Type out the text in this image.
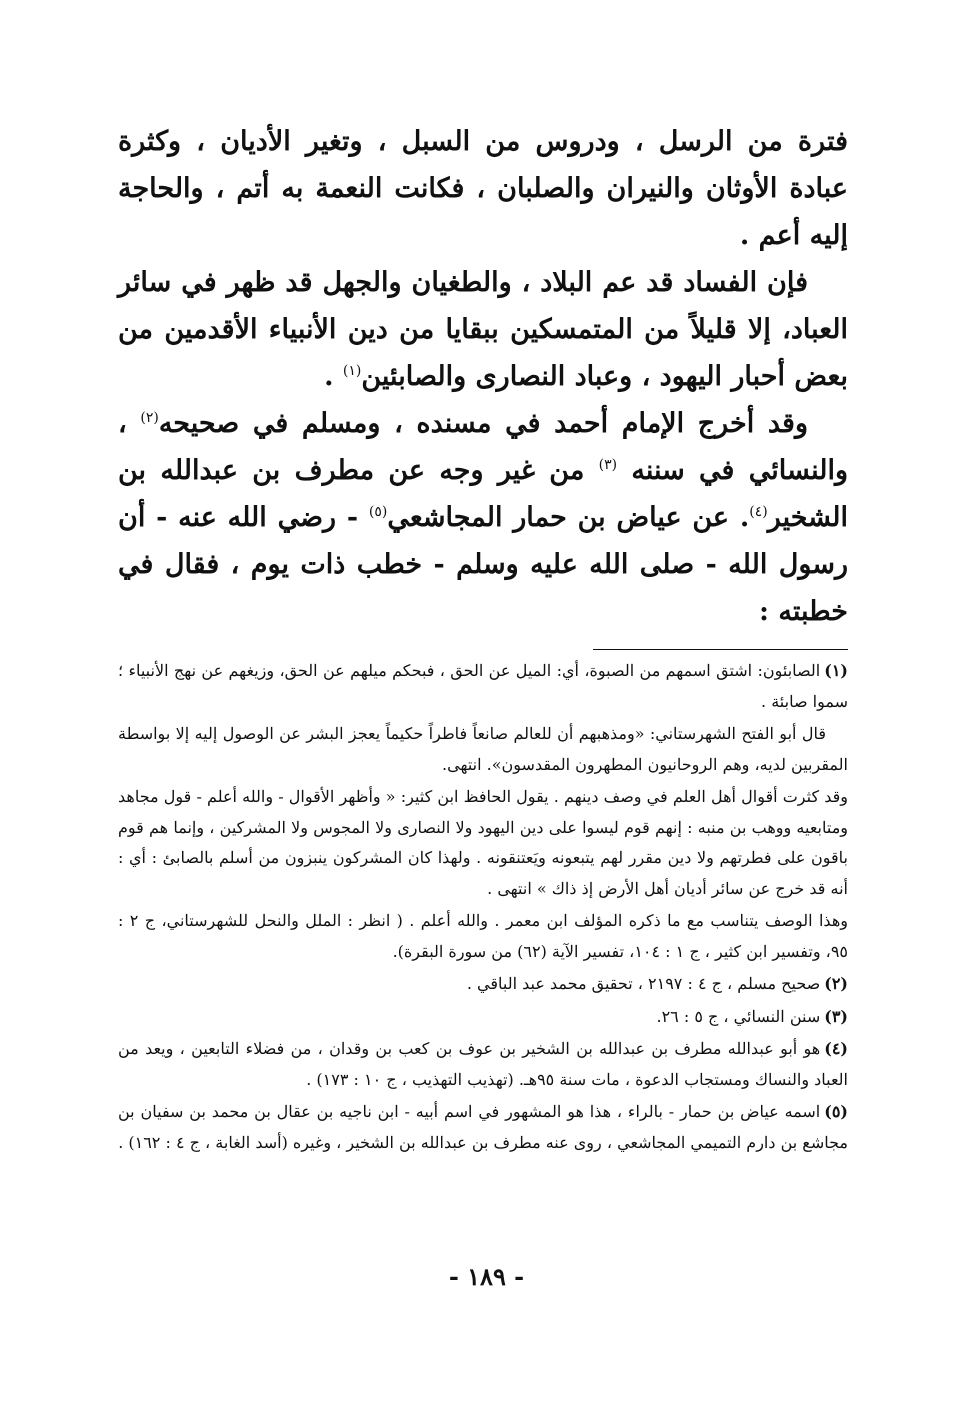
فترة من الرسل ، ودروس من السبل ، وتغير الأديان ، وكثرة عبادة الأوثان والنيران والصلبان ، فكانت النعمة به أتم ، والحاجة إليه أعم .

فإن الفساد قد عم البلاد ، والطغيان والجهل قد ظهر في سائر العباد، إلا قليلاً من المتمسكين ببقايا من دين الأنبياء الأقدمين من بعض أحبار اليهود ، وعباد النصارى والصابئين$^{(١)}$ .

وقد أخرج الإمام أحمد في مسنده ، ومسلم في صحيحه$^{(٢)}$ ، والنسائي في سننه $^{(٣)}$ من غير وجه عن مطرف بن عبدالله بن الشخير$^{(٤)}$. عن عياض بن حمار المجاشعي$^{(٥)}$ - رضي الله عنه - أن رسول الله - صلى الله عليه وسلم - خطب ذات يوم ، فقال في خطبته :

(١)الصابئون: اشتق اسمهم من الصبوة، أي: الميل عن الحق ، فبحكم ميلهم عن الحق، وزيغهم عن نهج الأنبياء ؛ سموا صابئة .

قال أبو الفتح الشهرستاني: «ومذهبهم أن للعالم صانعاً فاطراً حكيماً يعجز البشر عن الوصول إليه إلا بواسطة المقربين لديه، وهم الروحانيون المطهرون المقدسون». انتهى.

وقد كثرت أقوال أهل العلم في وصف دينهم . يقول الحافظ ابن كثير: « وأظهر الأقوال - والله أعلم - قول مجاهد ومتابعيه ووهب بن منبه : إنهم قوم ليسوا على دين اليهود ولا النصارى ولا المجوس ولا المشركين ، وإنما هم قوم باقون على فطرتهم ولا دين مقرر لهم يتبعونه ويَعتنقونه . ولهذا كان المشركون ينبزون من أسلم بالصابئ : أي : أنه قد خرج عن سائر أديان أهل الأرض إذ ذاك » انتهى .

وهذا الوصف يتناسب مع ما ذكره المؤلف ابن معمر . والله أعلم . ( انظر : الملل والنحل للشهرستاني، ج ٢ : ٩٥، وتفسير ابن كثير ، ج ١ : ١٠٤، تفسير الآية (٦٢) من سورة البقرة).

(٢)صحيح مسلم ، ج ٤ : ٢١٩٧ ، تحقيق محمد عبد الباقي .

(٣)سنن النسائي ، ج ٥ : ٢٦.

(٤)هو أبو عبدالله مطرف بن عبدالله بن الشخير بن عوف بن كعب بن وقدان ، من فضلاء التابعين ، ويعد من العباد والنساك ومستجاب الدعوة ، مات سنة ٩٥هـ. (تهذيب التهذيب ، ج ١٠ : ١٧٣) .

(٥)اسمه عياض بن حمار - بالراء ، هذا هو المشهور في اسم أبيه - ابن ناجيه بن عقال بن محمد بن سفيان بن مجاشع بن دارم التميمي المجاشعي ، روى عنه مطرف بن عبدالله بن الشخير ، وغيره (أسد الغابة ، ج ٤ : ١٦٢) .

- ١٨٩ -
